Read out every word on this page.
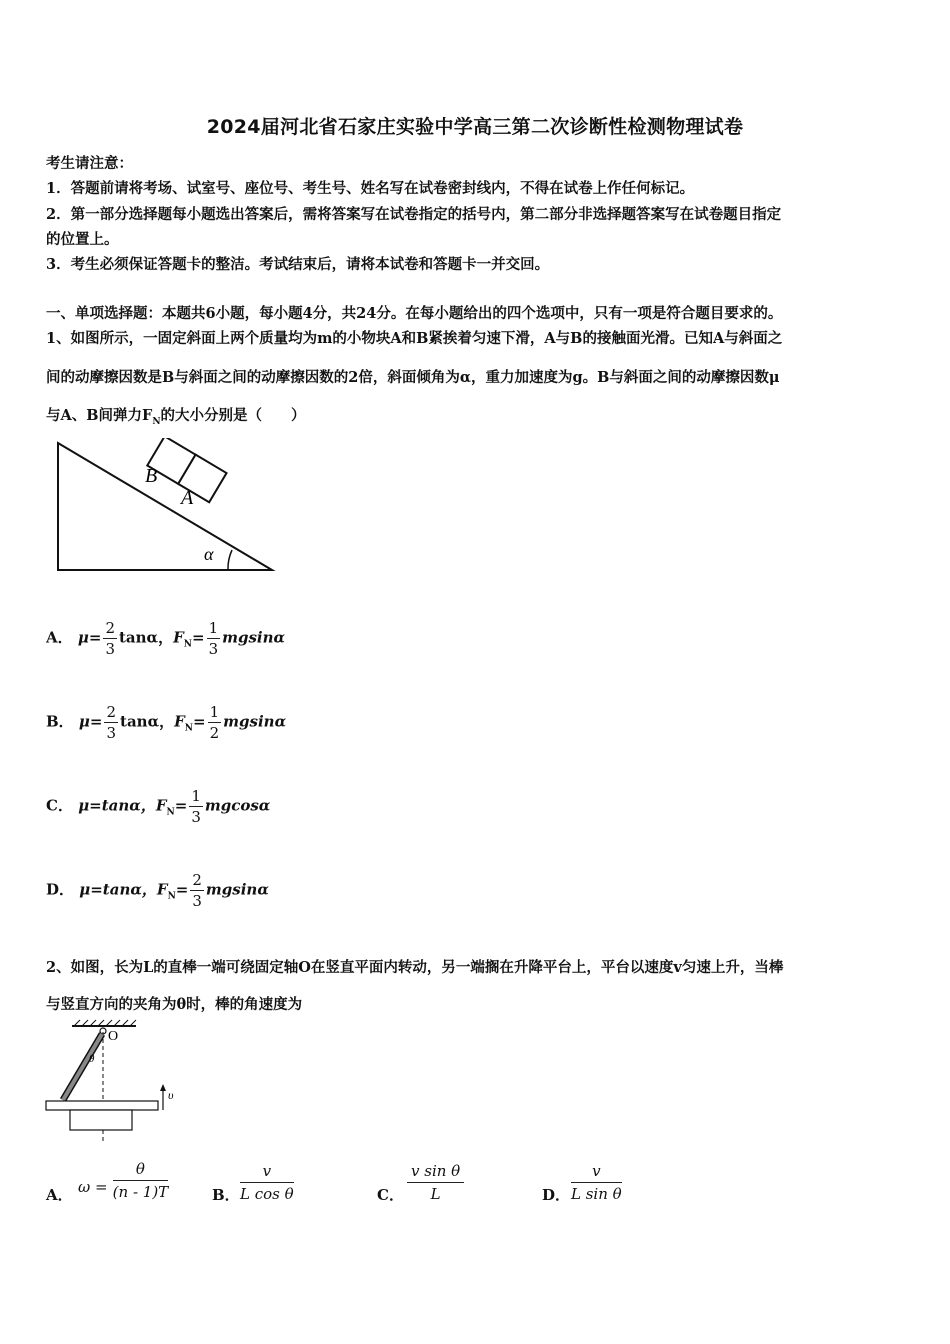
2024届河北省石家庄实验中学高三第二次诊断性检测物理试卷
考生请注意：
1．答题前请将考场、试室号、座位号、考生号、姓名写在试卷密封线内，不得在试卷上作任何标记。
2．第一部分选择题每小题选出答案后，需将答案写在试卷指定的括号内，第二部分非选择题答案写在试卷题目指定
的位置上。
3．考生必须保证答题卡的整洁。考试结束后，请将本试卷和答题卡一并交回。
一、单项选择题：本题共6小题，每小题4分，共24分。在每小题给出的四个选项中，只有一项是符合题目要求的。
1、如图所示，一固定斜面上两个质量均为m的小物块A和B紧挨着匀速下滑，A与B的接触面光滑。已知A与斜面之
间的动摩擦因数是B与斜面之间的动摩擦因数的2倍，斜面倾角为α，重力加速度为g。B与斜面之间的动摩擦因数μ
与A、B间弹力$F_N$的大小分别是（　　）
B
A
α
A． $\mu= \frac{2}{3}$ tanα，$F_N= \frac{1}{3}$ mgsinα
B． $\mu= \frac{2}{3}$ tanα，$F_N= \frac{1}{2}$ mgsinα
C． μ=tanα，$F_N= \frac{1}{3}$ mgcosα
D． μ=tanα，$F_N= \frac{2}{3}$ mgsinα
2、如图，长为L的直棒一端可绕固定轴O在竖直平面内转动，另一端搁在升降平台上，平台以速度v匀速上升，当棒
与竖直方向的夹角为θ时，棒的角速度为
O
θ
υ
A． $\omega = \frac{\theta}{(n - 1)T}$	B． $\frac{v}{\text{L cos θ}}$	C． $\frac{\text{v sin θ}}{L}$	D． $\frac{v}{\text{L sin θ}}$
